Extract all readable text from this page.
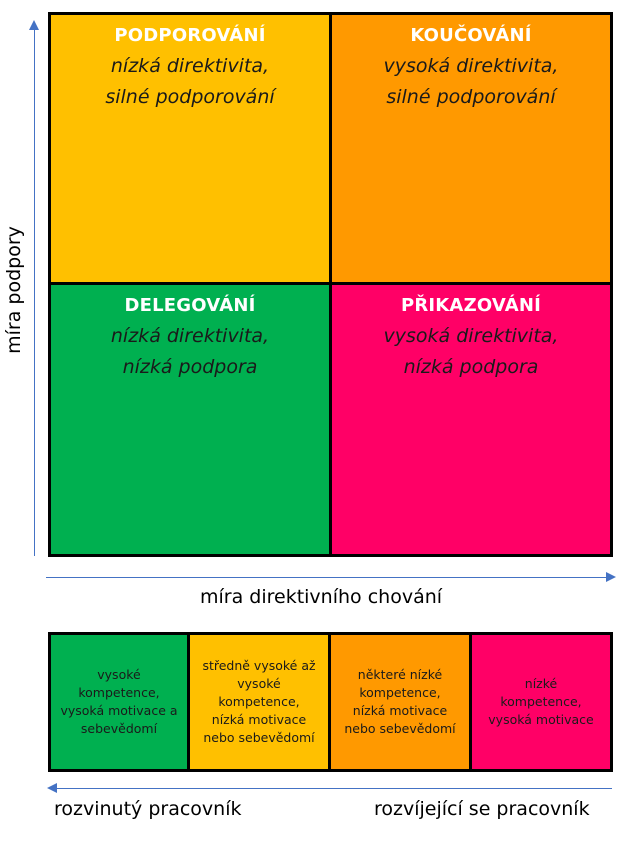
míra podpory
PODPOROVÁNÍ
nízká direktivita,
silné podporování
KOUČOVÁNÍ
vysoká direktivita,
silné podporování
DELEGOVÁNÍ
nízká direktivita,
nízká podpora
PŘIKAZOVÁNÍ
vysoká direktivita,
nízká podpora
míra direktivního chování
vysoké
kompetence,
vysoká motivace a
sebevědomí
středně vysoké až
vysoké
kompetence,
nízká motivace
nebo sebevědomí
některé nízké
kompetence,
nízká motivace
nebo sebevědomí
nízké
kompetence,
vysoká motivace
rozvinutý pracovník	rozvíjející se pracovník
